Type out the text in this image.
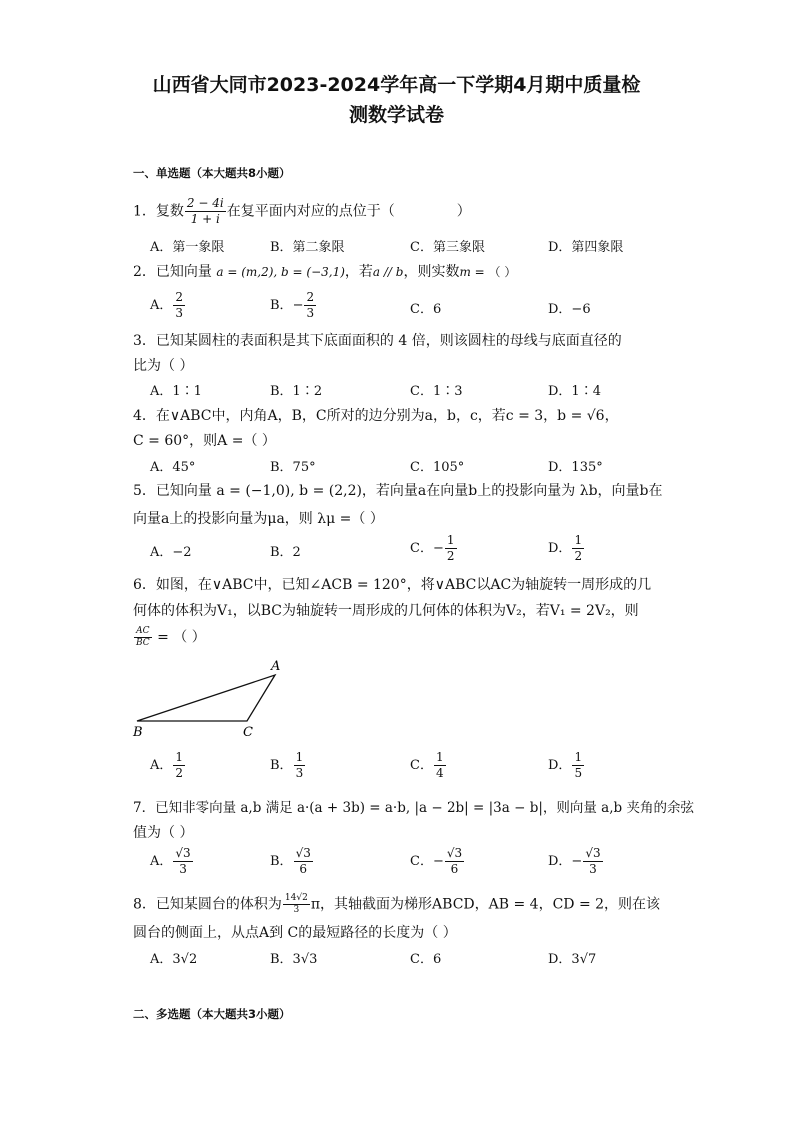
山西省大同市2023-2024学年高一下学期4月期中质量检
测数学试卷
一、单选题（本大题共8小题）
1．复数 $\frac{2 - 4i}{1 + i}$ 在复平面内对应的点位于（	）
A．第一象限	B．第二象限	C．第三象限	D．第四象限
2．已知向量 a = (m,2), b = (−3,1)，若a // b，则实数m = （ ）
A． $\frac{2}{3}$	B．− $\frac{2}{3}$	C．6	D．−6
3．已知某圆柱的表面积是其下底面面积的 4 倍，则该圆柱的母线与底面直径的
比为（ ）
A．1∶1	B．1∶2	C．1∶3	D．1∶4
4．在∨ABC中，内角A，B，C所对的边分别为a，b，c，若c = 3，b = √6，
C = 60°，则A =（ ）
A．45°	B．75°	C．105°	D．135°
5．已知向量 a = (−1,0), b = (2,2)，若向量a在向量b上的投影向量为 λb，向量b在
向量a上的投影向量为μa，则 λμ =（ ）
A．−2	B．2	C．− $\frac{1}{2}$	D． $\frac{1}{2}$
6．如图，在∨ABC中，已知∠ACB = 120°，将∨ABC以AC为轴旋转一周形成的几
何体的体积为V₁，以BC为轴旋转一周形成的几何体的体积为V₂，若V₁ = 2V₂，则
$\frac{AC}{BC}$ = （ ）
A
B	C
A． $\frac{1}{2}$	B． $\frac{1}{3}$	C． $\frac{1}{4}$	D． $\frac{1}{5}$
7．已知非零向量 a,b 满足 a·(a + 3b) = a·b, |a − 2b| = |3a − b|，则向量 a,b 夹角的余弦
值为（ ）
A． $\frac{√3}{3}$	B． $\frac{√3}{6}$	C．− $\frac{√3}{6}$	D．− $\frac{√3}{3}$
8．已知某圆台的体积为 $\frac{14√2}{3}$ π，其轴截面为梯形ABCD，AB = 4，CD = 2，则在该
圆台的侧面上，从点A到 C的最短路径的长度为（ ）
A．3√2	B．3√3	C．6	D．3√7
二、多选题（本大题共3小题）
